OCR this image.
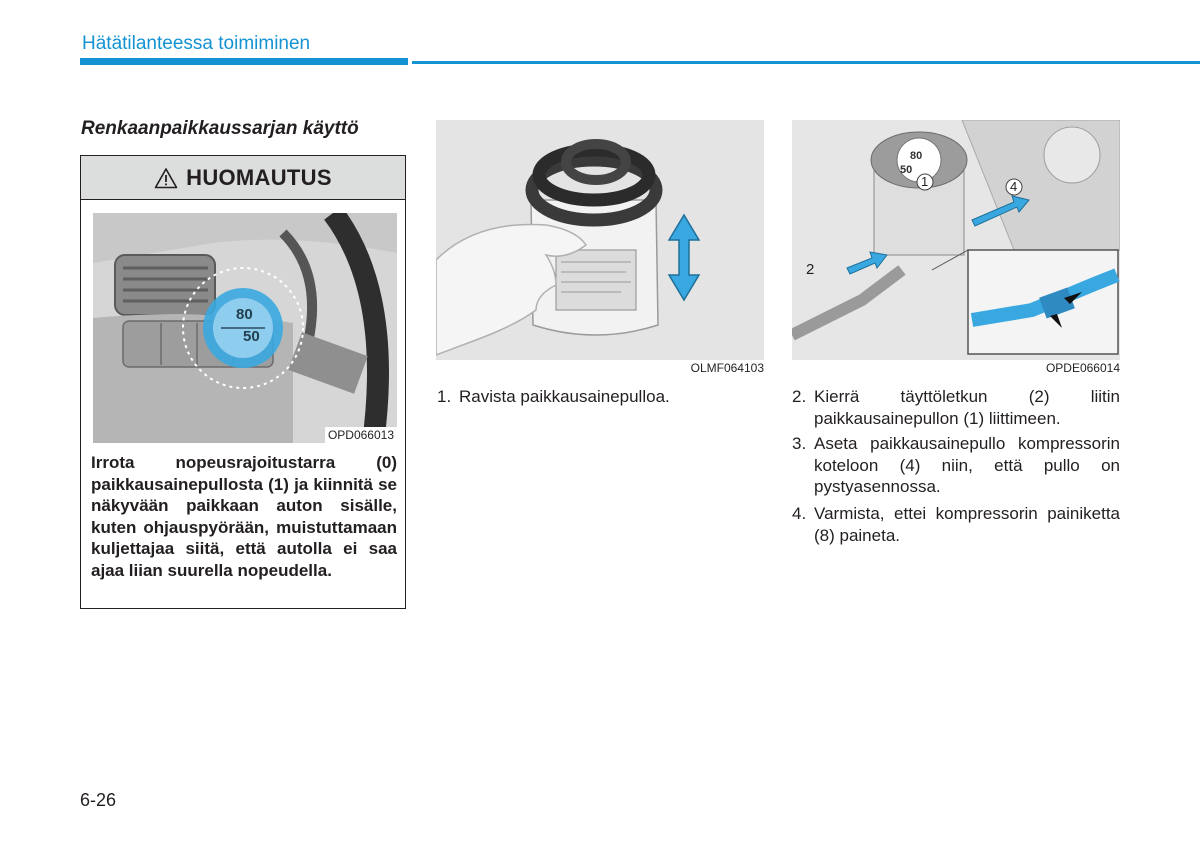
Hätätilanteessa toimiminen
Renkaanpaikkaussarjan käyttö
HUOMAUTUS
80
50
OPD066013

Irrota nopeusrajoitustarra (0) paikkausainepullosta (1) ja kiinnitä se näkyvään paikkaan auton sisälle, kuten ohjauspyörään, muistuttamaan kuljettajaa siitä, että autolla ei saa ajaa liian suurella nopeudella.

OLMF064103
1
2
4
80
50
OPDE066014
1. Ravista paikkausainepulloa.	2. Kierrä täyttöletkun (2) liitin paikkausainepullon (1) liittimeen.
3. Aseta paikkausainepullo kompressorin koteloon (4) niin, että pullo on pystyasennossa.
4. Varmista, ettei kompressorin painiketta (8) paineta.
6-26
